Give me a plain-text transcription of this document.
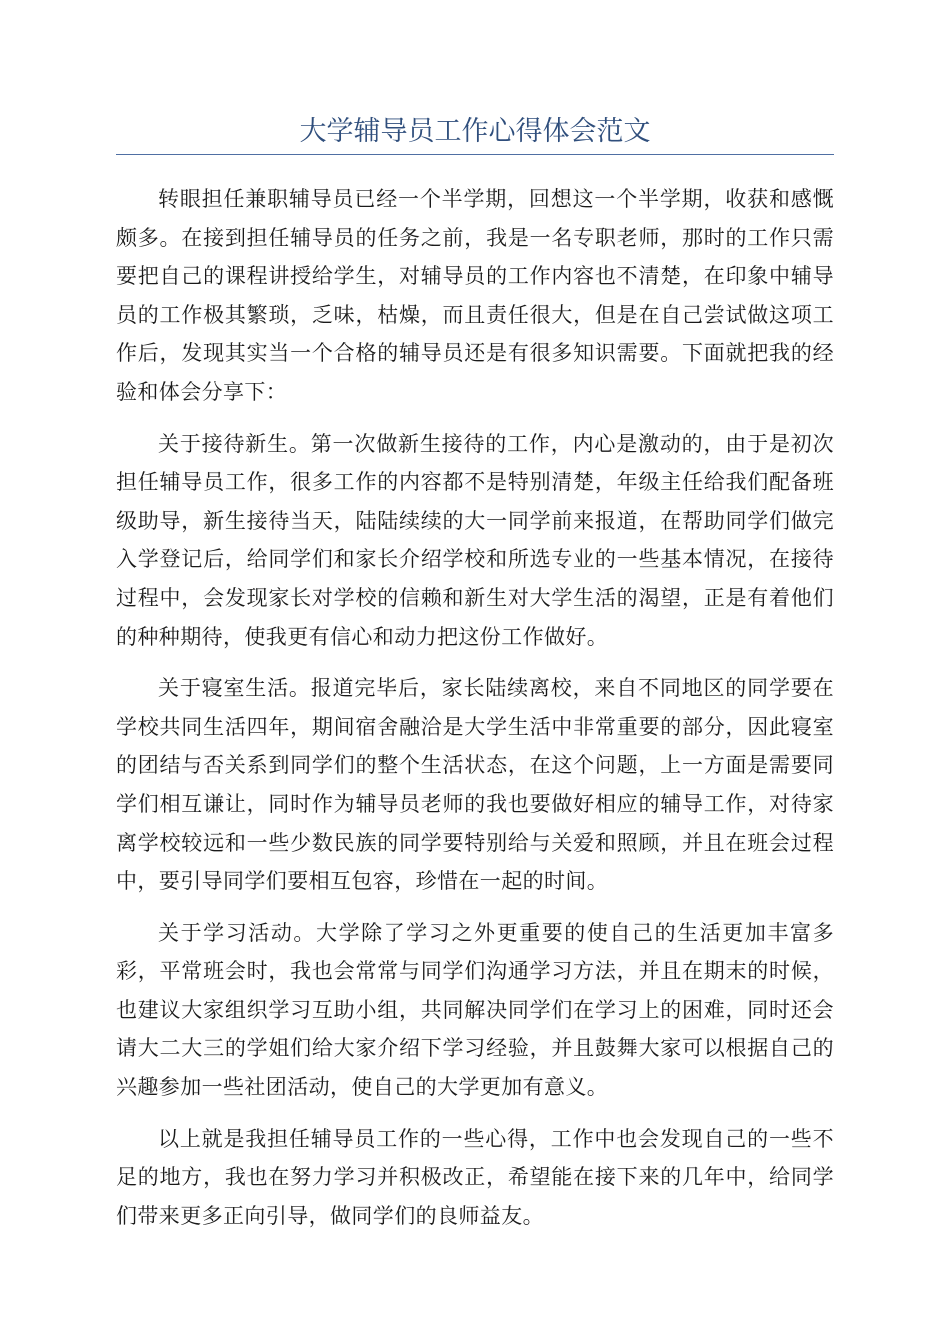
大学辅导员工作心得体会范文

转眼担任兼职辅导员已经一个半学期，回想这一个半学期，收获和感慨颇多。在接到担任辅导员的任务之前，我是一名专职老师，那时的工作只需要把自己的课程讲授给学生，对辅导员的工作内容也不清楚，在印象中辅导员的工作极其繁琐，乏味，枯燥，而且责任很大，但是在自己尝试做这项工作后，发现其实当一个合格的辅导员还是有很多知识需要。下面就把我的经验和体会分享下：

关于接待新生。第一次做新生接待的工作，内心是激动的，由于是初次担任辅导员工作，很多工作的内容都不是特别清楚，年级主任给我们配备班级助导，新生接待当天，陆陆续续的大一同学前来报道，在帮助同学们做完入学登记后，给同学们和家长介绍学校和所选专业的一些基本情况，在接待过程中，会发现家长对学校的信赖和新生对大学生活的渴望，正是有着他们的种种期待，使我更有信心和动力把这份工作做好。

关于寝室生活。报道完毕后，家长陆续离校，来自不同地区的同学要在学校共同生活四年，期间宿舍融洽是大学生活中非常重要的部分，因此寝室的团结与否关系到同学们的整个生活状态，在这个问题，上一方面是需要同学们相互谦让，同时作为辅导员老师的我也要做好相应的辅导工作，对待家离学校较远和一些少数民族的同学要特别给与关爱和照顾，并且在班会过程中，要引导同学们要相互包容，珍惜在一起的时间。

关于学习活动。大学除了学习之外更重要的使自己的生活更加丰富多彩，平常班会时，我也会常常与同学们沟通学习方法，并且在期末的时候，也建议大家组织学习互助小组，共同解决同学们在学习上的困难，同时还会请大二大三的学姐们给大家介绍下学习经验，并且鼓舞大家可以根据自己的兴趣参加一些社团活动，使自己的大学更加有意义。

以上就是我担任辅导员工作的一些心得，工作中也会发现自己的一些不足的地方，我也在努力学习并积极改正，希望能在接下来的几年中，给同学们带来更多正向引导，做同学们的良师益友。
